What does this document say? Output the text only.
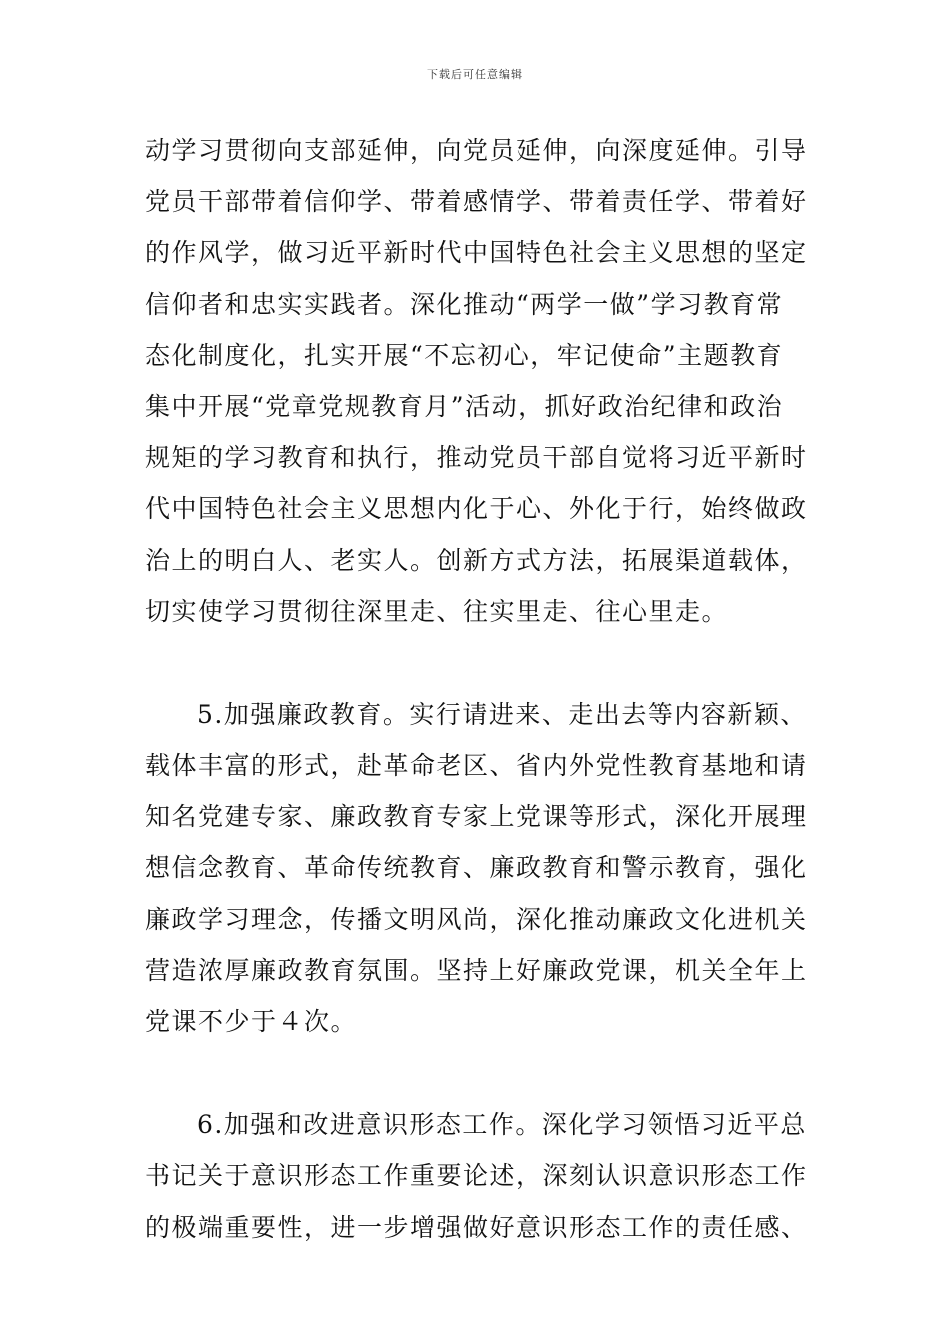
下载后可任意编辑
动学习贯彻向支部延伸，向党员延伸，向深度延伸。引导
党员干部带着信仰学、带着感情学、带着责任学、带着好
的作风学，做习近平新时代中国特色社会主义思想的坚定
信仰者和忠实实践者。深化推动“两学一做”学习教育常
态化制度化，扎实开展“不忘初心，牢记使命”主题教育
集中开展“党章党规教育月”活动，抓好政治纪律和政治
规矩的学习教育和执行，推动党员干部自觉将习近平新时
代中国特色社会主义思想内化于心、外化于行，始终做政
治上的明白人、老实人。创新方式方法，拓展渠道载体，
切实使学习贯彻往深里走、往实里走、往心里走。
5.加强廉政教育。实行请进来、走出去等内容新颖、
载体丰富的形式，赴革命老区、省内外党性教育基地和请
知名党建专家、廉政教育专家上党课等形式，深化开展理
想信念教育、革命传统教育、廉政教育和警示教育，强化
廉政学习理念，传播文明风尚，深化推动廉政文化进机关
营造浓厚廉政教育氛围。坚持上好廉政党课，机关全年上
党课不少于４次。
6.加强和改进意识形态工作。深化学习领悟习近平总
书记关于意识形态工作重要论述，深刻认识意识形态工作
的极端重要性，进一步增强做好意识形态工作的责任感、
